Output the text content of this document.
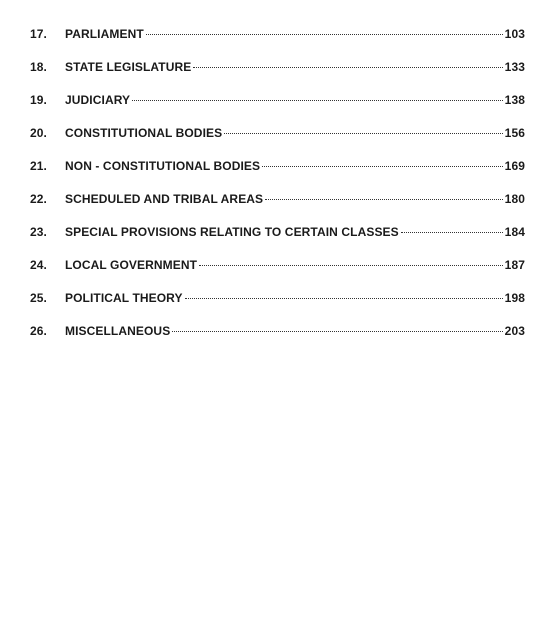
17.	PARLIAMENT	103
18.	STATE LEGISLATURE	133
19.	JUDICIARY	138
20.	CONSTITUTIONAL BODIES	156
21.	NON - CONSTITUTIONAL BODIES	169
22.	SCHEDULED AND TRIBAL AREAS	180
23.	SPECIAL PROVISIONS RELATING TO CERTAIN CLASSES	184
24.	LOCAL GOVERNMENT	187
25.	POLITICAL THEORY	198
26.	MISCELLANEOUS	203
